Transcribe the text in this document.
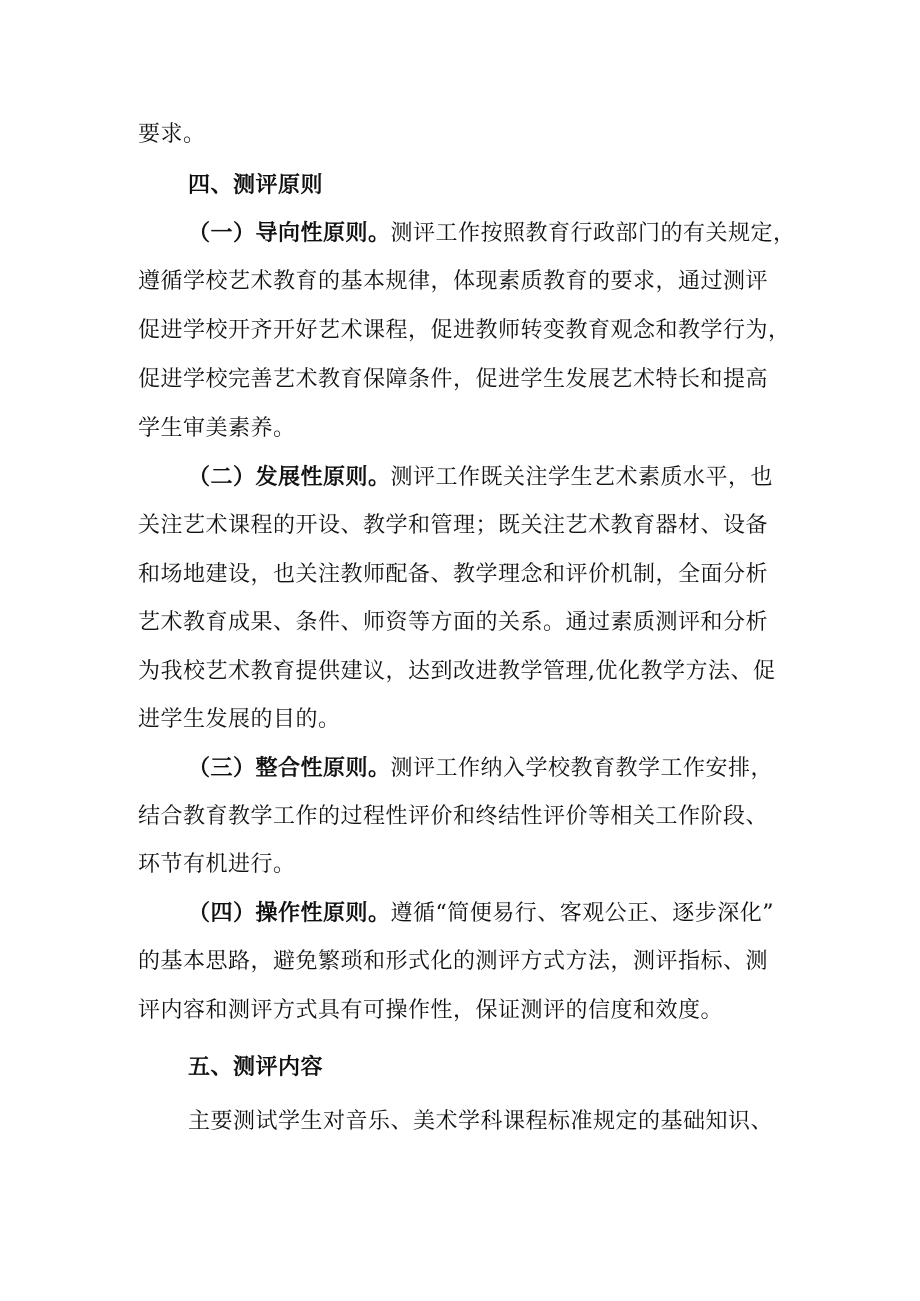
要求。
四、测评原则
（一）导向性原则。测评工作按照教育行政部门的有关规定，
遵循学校艺术教育的基本规律，体现素质教育的要求，通过测评
促进学校开齐开好艺术课程，促进教师转变教育观念和教学行为，
促进学校完善艺术教育保障条件，促进学生发展艺术特长和提高
学生审美素养。
（二）发展性原则。测评工作既关注学生艺术素质水平，也
关注艺术课程的开设、教学和管理；既关注艺术教育器材、设备
和场地建设，也关注教师配备、教学理念和评价机制，全面分析
艺术教育成果、条件、师资等方面的关系。通过素质测评和分析
为我校艺术教育提供建议，达到改进教学管理,优化教学方法、促
进学生发展的目的。
（三）整合性原则。测评工作纳入学校教育教学工作安排，
结合教育教学工作的过程性评价和终结性评价等相关工作阶段、
环节有机进行。
（四）操作性原则。遵循“简便易行、客观公正、逐步深化”
的基本思路，避免繁琐和形式化的测评方式方法，测评指标、测
评内容和测评方式具有可操作性，保证测评的信度和效度。
五、测评内容
主要测试学生对音乐、美术学科课程标准规定的基础知识、
